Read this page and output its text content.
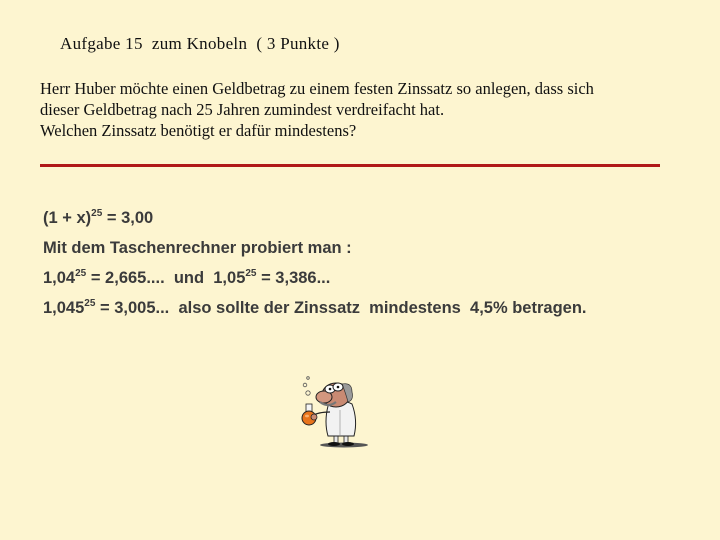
Aufgabe 15  zum Knobeln  ( 3 Punkte )
Herr Huber möchte einen Geldbetrag zu einem festen Zinssatz so anlegen, dass sich
dieser Geldbetrag nach 25 Jahren zumindest verdreifacht hat.
Welchen Zinssatz benötigt er dafür mindestens?
$(1 + x)^{25} = 3,00$
Mit dem Taschenrechner probiert man :
$1,04^{25} = 2,665$....  und  $1,05^{25} = 3,386$...
$1,045^{25} = 3,005$...  also sollte der Zinssatz  mindestens  4,5% betragen.
